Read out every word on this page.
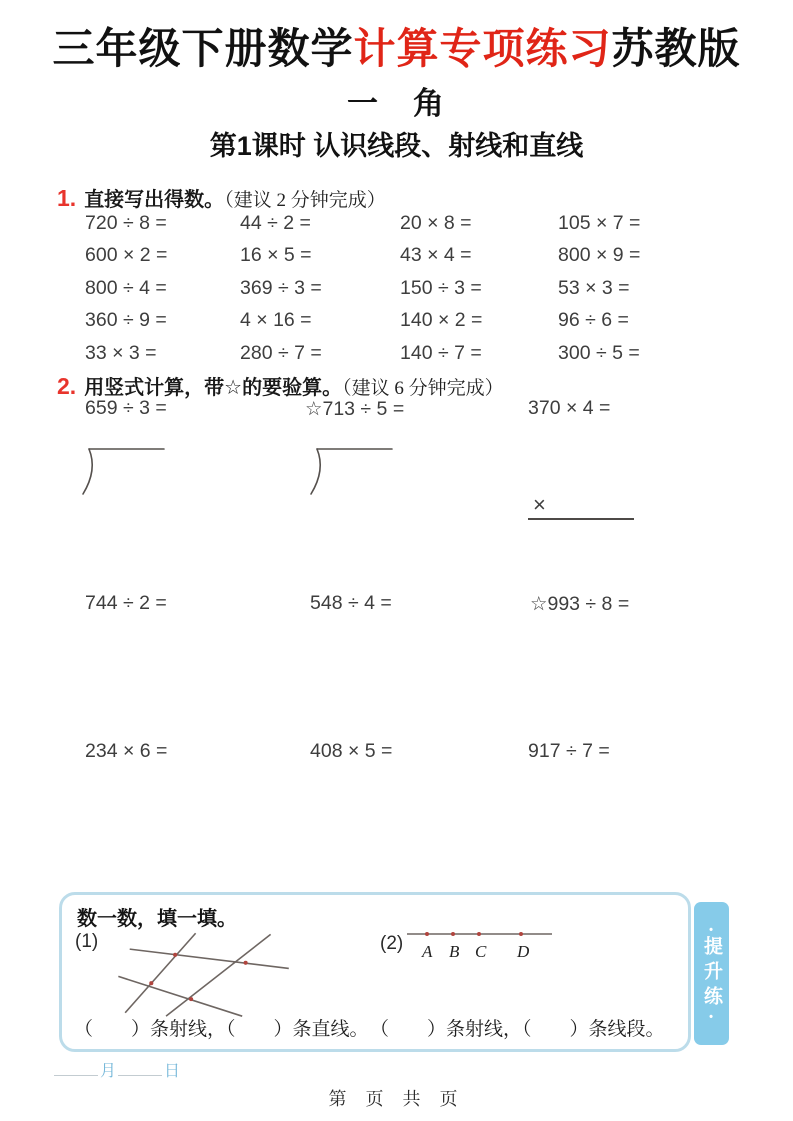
三年级下册数学计算专项练习苏教版
一　角
第1课时 认识线段、射线和直线
1. 直接写出得数。（建议 2 分钟完成）
720 ÷ 8 =	44 ÷ 2 =	20 × 8 =	105 × 7 =
600 × 2 =	16 × 5 =	43 × 4 =	800 × 9 =
800 ÷ 4 =	369 ÷ 3 =	150 ÷ 3 =	53 × 3 =
360 ÷ 9 =	4 × 16 =	140 × 2 =	96 ÷ 6 =
33 × 3 =	280 ÷ 7 =	140 ÷ 7 =	300 ÷ 5 =
2. 用竖式计算，带☆的要验算。（建议 6 分钟完成）
659 ÷ 3 =	☆713 ÷ 5 =	370 × 4 =
×
744 ÷ 2 =	548 ÷ 4 =	☆993 ÷ 8 =
234 × 6 =	408 × 5 =	917 ÷ 7 =
数一数，填一填。
(1)	(2) A B C D
（　　）条射线，（　　）条直线。 （　　）条射线，（　　）条线段。
• 提升练 •
月	日
第 页 共 页
